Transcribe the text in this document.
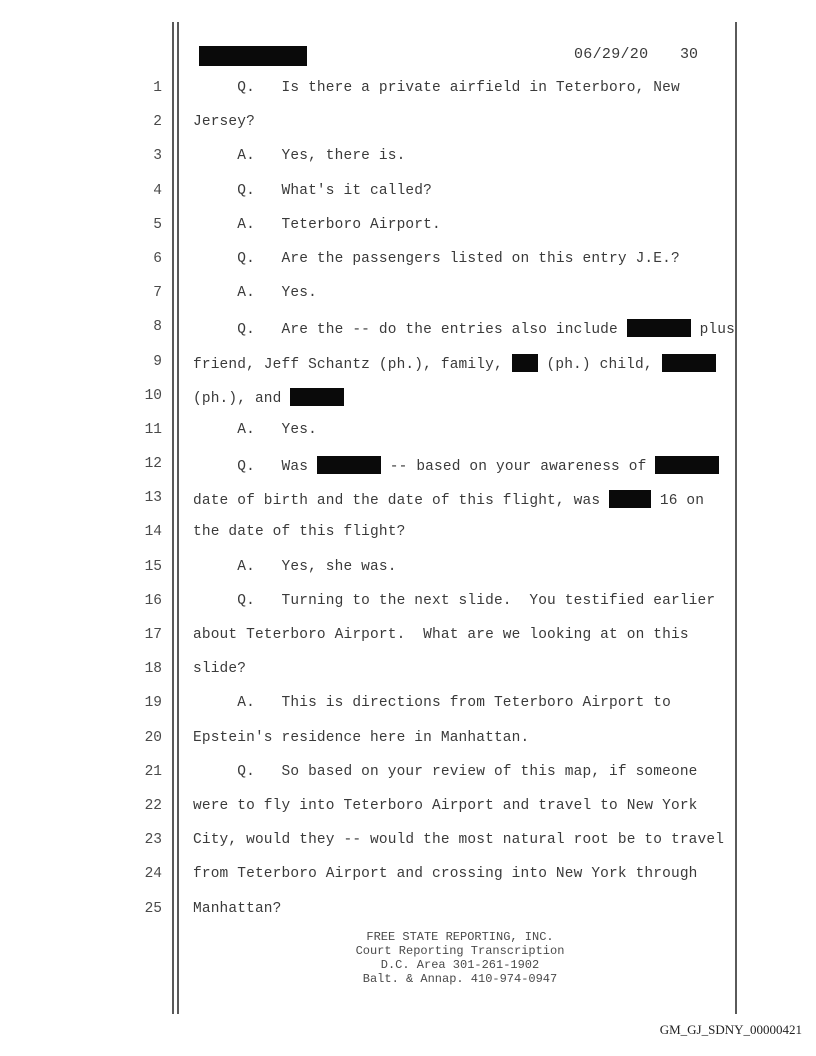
06/29/20 30
1 Q.   Is there a private airfield in Teterboro, New
2 Jersey?
3 A.   Yes, there is.
4 Q.   What's it called?
5 A.   Teterboro Airport.
6 Q.   Are the passengers listed on this entry J.E.?
7 A.   Yes.
8 Q.   Are the -- do the entries also include	plus
9 friend, Jeff Schantz (ph.), family,  (ph.) child,
10 (ph.), and
11 A.   Yes.
12 Q.   Was	-- based on your awareness of
13 date of birth and the date of this flight, was	16 on
14 the date of this flight?
15 A.   Yes, she was.
16 Q.   Turning to the next slide.  You testified earlier
17 about Teterboro Airport.  What are we looking at on this
18 slide?
19 A.   This is directions from Teterboro Airport to
20 Epstein's residence here in Manhattan.
21 Q.   So based on your review of this map, if someone
22 were to fly into Teterboro Airport and travel to New York
23 City, would they -- would the most natural root be to travel
24 from Teterboro Airport and crossing into New York through
25 Manhattan?
FREE STATE REPORTING, INC.
Court Reporting Transcription
D.C. Area 301-261-1902
Balt. & Annap. 410-974-0947
GM_GJ_SDNY_00000421
